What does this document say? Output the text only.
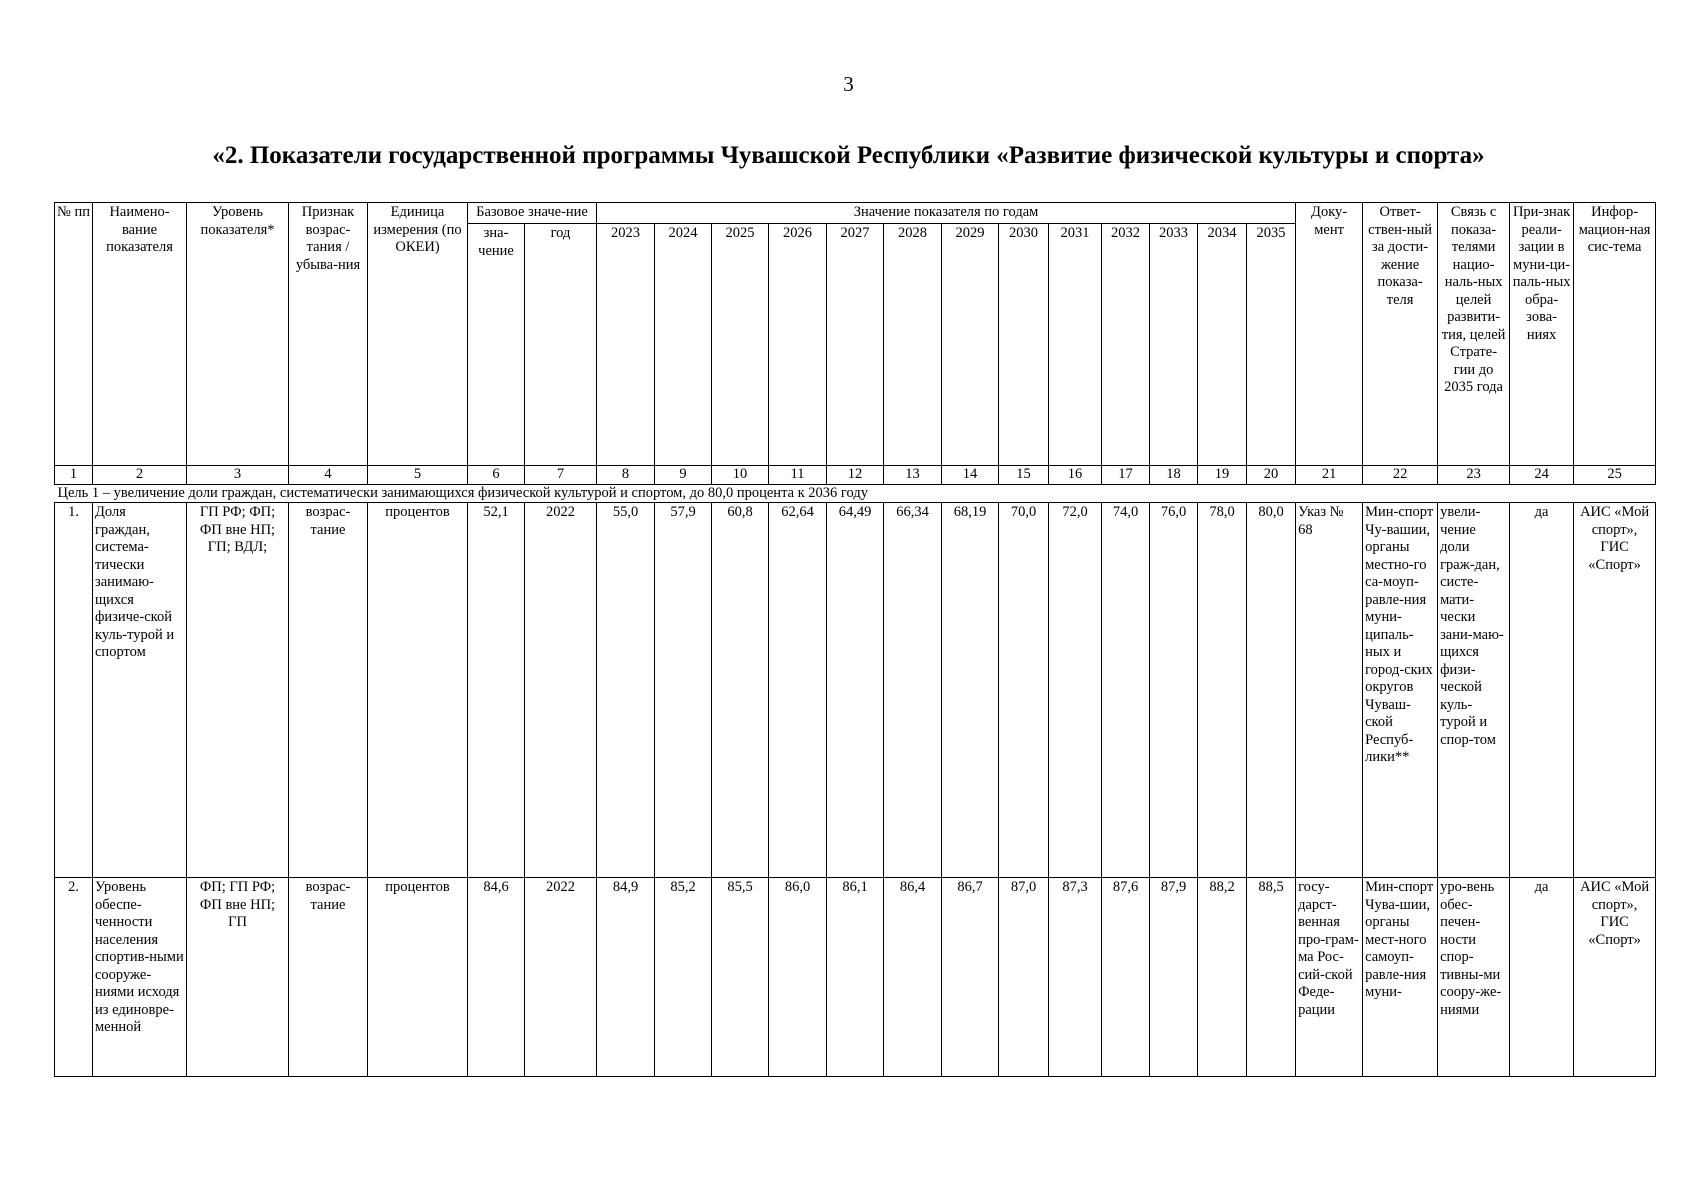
3
«2. Показатели государственной программы Чувашской Республики «Развитие физической культуры и спорта»
№ пп	Наимено-вание показателя	Уровень показателя*	Признак возрас-тания / убыва-ния	Единица измерения (по ОКЕИ)	Базовое значе-ние		Значение показателя по годам													Доку-мент	Ответ-ствен-ный за дости-жение показа-теля	Связь с показа-телями нацио-наль-ных целей развити-тия, целей Страте-гии до 2035 года	При-знак реали-зации в муни-ци-паль-ных обра-зова-ниях	Инфор-мацион-ная сис-тема
					зна-чение	год	2023	2024	2025	2026	2027	2028	2029	2030	2031	2032	2033	2034	2035					
1	2	3	4	5	6	7	8	9	10	11	12	13	14	15	16	17	18	19	20	21	22	23	24	25
Цель 1 – увеличение доли граждан, систематически занимающихся физической культурой и спортом, до 80,0 процента к 2036 году																								
1.	Доля граждан, система-тически занимаю-щихся физиче-ской куль-турой и спортом	ГП РФ; ФП; ФП вне НП; ГП; ВДЛ;	возрас-тание	процентов	52,1	2022	55,0	57,9	60,8	62,64	64,49	66,34	68,19	70,0	72,0	74,0	76,0	78,0	80,0	Указ № 68	Мин-спорт Чу-вашии, органы местно-го са-моуп-равле-ния муни-ципаль-ных и город-ских округов Чуваш-ской Респуб-лики**	увели-чение доли граж-дан, систе-мати-чески зани-маю-щихся физи-ческой куль-турой и спор-том	да	АИС «Мой спорт», ГИС «Спорт»
2.	Уровень обеспе-ченности населения спортив-ными сооруже-ниями исходя из единовре-менной	ФП; ГП РФ; ФП вне НП; ГП	возрас-тание	процентов	84,6	2022	84,9	85,2	85,5	86,0	86,1	86,4	86,7	87,0	87,3	87,6	87,9	88,2	88,5	госу-дарст-венная про-грам-ма Рос-сий-ской Феде-рации	Мин-спорт Чува-шии, органы мест-ного самоуп-равле-ния муни-	уро-вень обес-печен-ности спор-тивны-ми соору-же-ниями	да	АИС «Мой спорт», ГИС «Спорт»
